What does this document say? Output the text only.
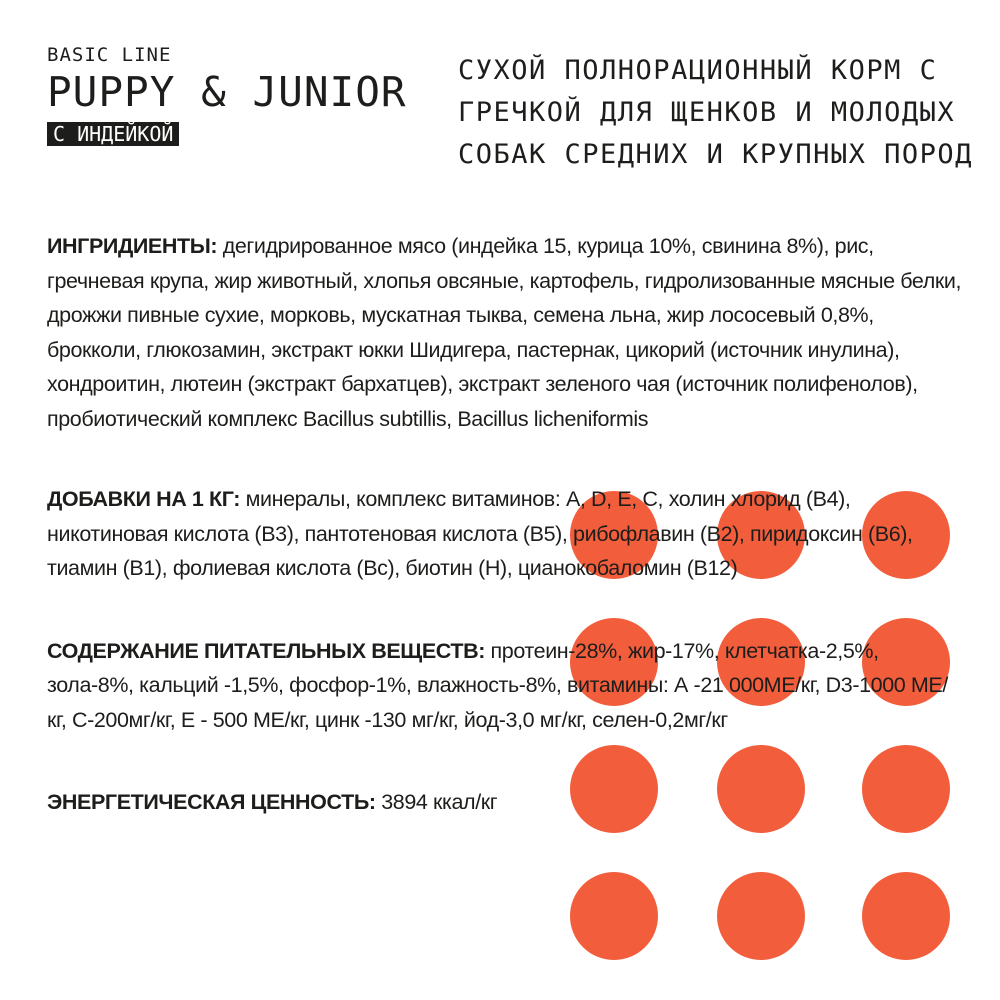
BASIC LINE
PUPPY & JUNIOR
С ИНДЕЙКОЙ
СУХОЙ ПОЛНОРАЦИОННЫЙ КОРМ С ГРЕЧКОЙ ДЛЯ ЩЕНКОВ И МОЛОДЫХ СОБАК СРЕДНИХ И КРУПНЫХ ПОРОД

ИНГРИДИЕНТЫ: дегидрированное мясо (индейка 15, курица 10%, свинина 8%), рис, гречневая крупа, жир животный, хлопья овсяные, картофель, гидролизованные мясные белки, дрожжи пивные сухие, морковь, мускатная тыква, семена льна, жир лососевый 0,8%, брокколи, глюкозамин, экстракт юкки Шидигера, пастернак, цикорий (источник инулина), хондроитин, лютеин (экстракт бархатцев), экстракт зеленого чая (источник полифенолов), пробиотический комплекс Bacillus subtillis, Bacillus licheniformis

ДОБАВКИ НА 1 КГ: минералы, комплекс витаминов: A, D, E, C, холин хлорид (B4), никотиновая кислота (B3), пантотеновая кислота (B5), рибофлавин (B2), пиридоксин (B6), тиамин (B1), фолиевая кислота (Bc), биотин (H), цианокобаломин (B12)

СОДЕРЖАНИЕ ПИТАТЕЛЬНЫХ ВЕЩЕСТВ: протеин-28%, жир-17%, клетчатка-2,5%, зола-8%, кальций -1,5%, фосфор-1%, влажность-8%, витамины: А -21 000МЕ/кг, D3-1000 МЕ/кг, С-200мг/кг, Е - 500 МЕ/кг, цинк -130 мг/кг, йод-3,0 мг/кг, селен-0,2мг/кг

ЭНЕРГЕТИЧЕСКАЯ ЦЕННОСТЬ: 3894 ккал/кг
